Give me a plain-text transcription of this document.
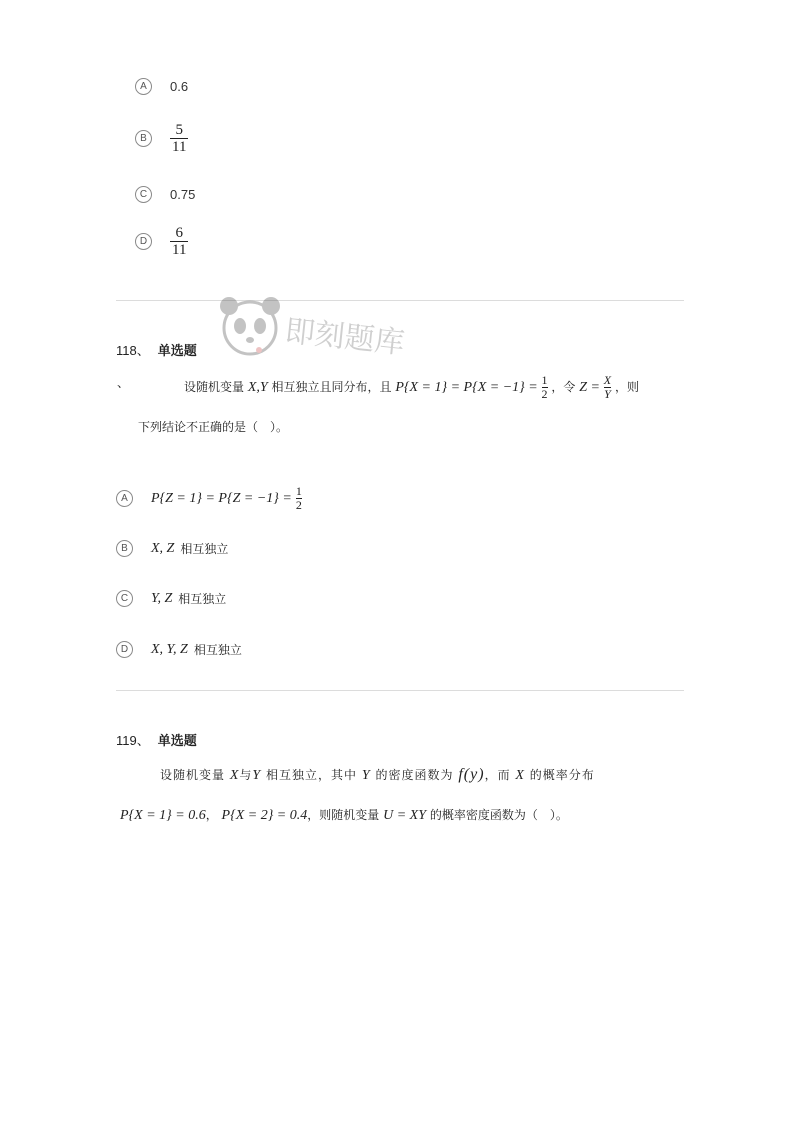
A	0.6
B	$\frac{5}{11}$
C	0.75
D	$\frac{6}{11}$
即刻题库
118、 单选题
、	设随机变量 X,Y 相互独立且同分布，且 $P\{X = 1\} = P\{X = -1\} = \frac{1}{2}$ ，令 $Z = \frac{X}{Y}$ ，则
下列结论不正确的是（　）。
A	$P\{Z = 1\} = P\{Z = -1\} = \frac{1}{2}$
B	X, Z 相互独立
C	Y, Z 相互独立
D	X, Y, Z 相互独立
119、 单选题
设随机变量 X与Y 相互独立，其中 Y 的密度函数为 f(y)，而 X 的概率分布
P{X = 1} = 0.6， P{X = 2} = 0.4，则随机变量 U = XY 的概率密度函数为（　）。
